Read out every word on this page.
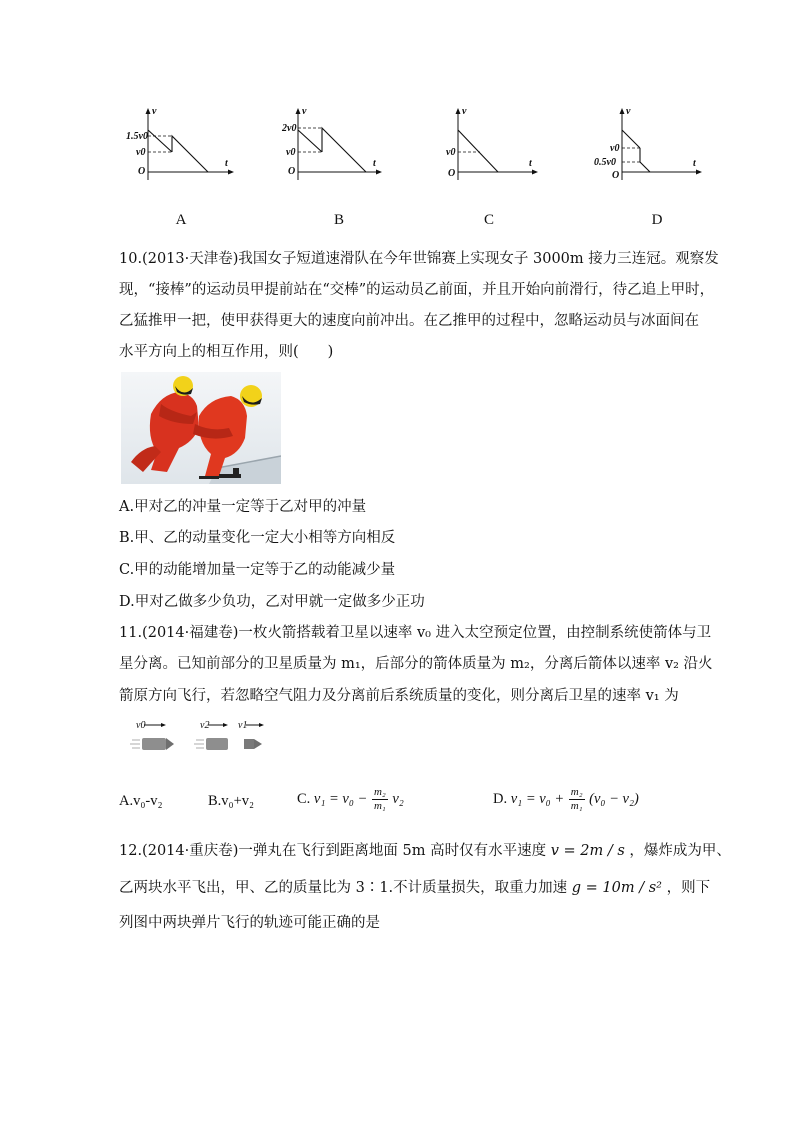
v
t
O
1.5v0
v0
A
v
t
O
2v0
v0
B
v
t
O
v0
C
v
t
O
v0
0.5v0
D
10.(2013·天津卷)我国女子短道速滑队在今年世锦赛上实现女子 3000m 接力三连冠。观察发
现，“接棒”的运动员甲提前站在“交棒”的运动员乙前面，并且开始向前滑行，待乙追上甲时，
乙猛推甲一把，使甲获得更大的速度向前冲出。在乙推甲的过程中，忽略运动员与冰面间在
水平方向上的相互作用，则(　　)
A.甲对乙的冲量一定等于乙对甲的冲量
B.甲、乙的动量变化一定大小相等方向相反
C.甲的动能增加量一定等于乙的动能减少量
D.甲对乙做多少负功，乙对甲就一定做多少正功
11.(2014·福建卷)一枚火箭搭载着卫星以速率 v₀ 进入太空预定位置，由控制系统使箭体与卫
星分离。已知前部分的卫星质量为 m₁，后部分的箭体质量为 m₂，分离后箭体以速率 v₂ 沿火
箭原方向飞行，若忽略空气阻力及分离前后系统质量的变化，则分离后卫星的速率 v₁ 为
v0	v2	v1
A.v₀-v₂	B.v₀+v₂	C. $v_1 = v_0 - \frac{\text{m₂}}{\text{m₁}} v_2$	D. $v_1 = v_0 + \frac{\text{m₂}}{\text{m₁}} (v_0 - v_2)$
12.(2014·重庆卷)一弹丸在飞行到距离地面 5m 高时仅有水平速度 v = 2m / s ，爆炸成为甲、
乙两块水平飞出，甲、乙的质量比为 3∶1.不计质量损失，取重力加速 g = 10m / s² ，则下
列图中两块弹片飞行的轨迹可能正确的是
